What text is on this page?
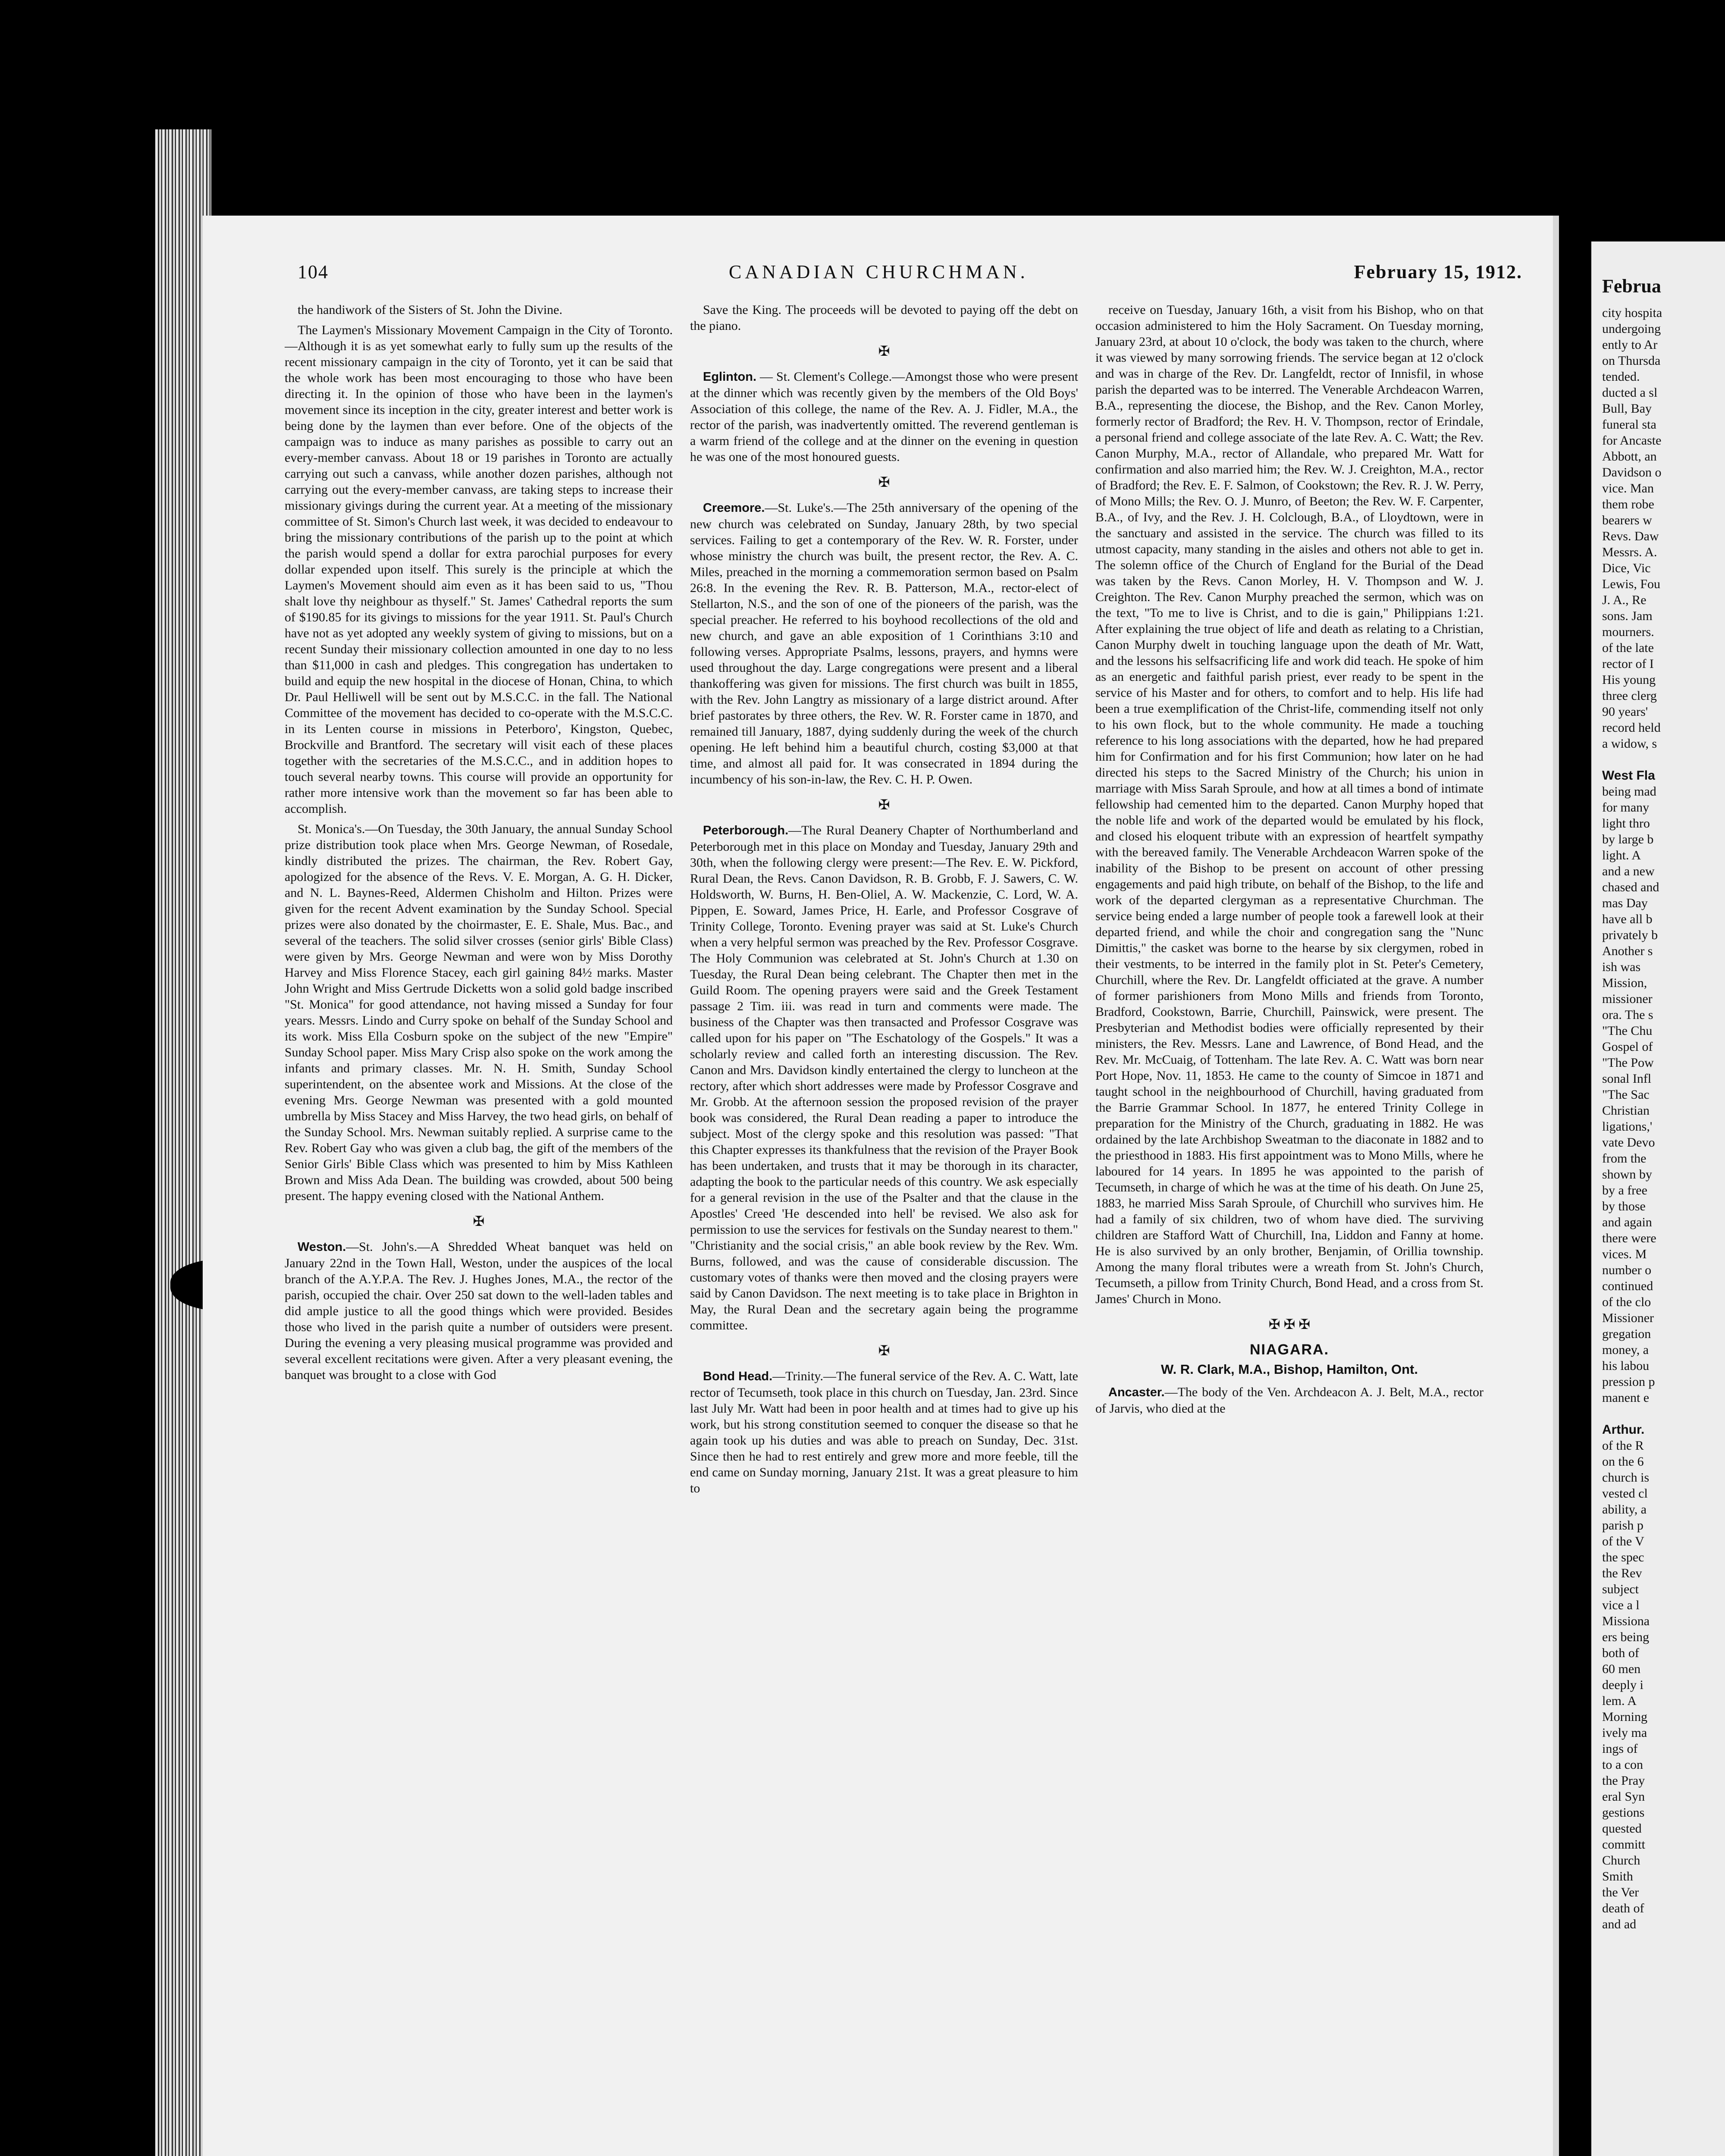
104	CANADIAN CHURCHMAN.	February 15, 1912.

the handiwork of the Sisters of St. John the Divine.

The Laymen's Missionary Movement Campaign in the City of Toronto.—Although it is as yet somewhat early to fully sum up the results of the recent missionary campaign in the city of Toronto, yet it can be said that the whole work has been most encouraging to those who have been directing it. In the opinion of those who have been in the laymen's movement since its inception in the city, greater interest and better work is being done by the laymen than ever before. One of the objects of the campaign was to induce as many parishes as possible to carry out an every-member canvass. About 18 or 19 parishes in Toronto are actually carrying out such a canvass, while another dozen parishes, although not carrying out the every-member canvass, are taking steps to increase their missionary givings during the current year. At a meeting of the missionary committee of St. Simon's Church last week, it was decided to endeavour to bring the missionary contributions of the parish up to the point at which the parish would spend a dollar for extra parochial purposes for every dollar expended upon itself. This surely is the principle at which the Laymen's Movement should aim even as it has been said to us, "Thou shalt love thy neighbour as thyself." St. James' Cathedral reports the sum of $190.85 for its givings to missions for the year 1911. St. Paul's Church have not as yet adopted any weekly system of giving to missions, but on a recent Sunday their missionary collection amounted in one day to no less than $11,000 in cash and pledges. This congregation has undertaken to build and equip the new hospital in the diocese of Honan, China, to which Dr. Paul Helliwell will be sent out by M.S.C.C. in the fall. The National Committee of the movement has decided to co-operate with the M.S.C.C. in its Lenten course in missions in Peterboro', Kingston, Quebec, Brockville and Brantford. The secretary will visit each of these places together with the secretaries of the M.S.C.C., and in addition hopes to touch several nearby towns. This course will provide an opportunity for rather more intensive work than the movement so far has been able to accomplish.

St. Monica's.—On Tuesday, the 30th January, the annual Sunday School prize distribution took place when Mrs. George Newman, of Rosedale, kindly distributed the prizes. The chairman, the Rev. Robert Gay, apologized for the absence of the Revs. V. E. Morgan, A. G. H. Dicker, and N. L. Baynes-Reed, Aldermen Chisholm and Hilton. Prizes were given for the recent Advent examination by the Sunday School. Special prizes were also donated by the choirmaster, E. E. Shale, Mus. Bac., and several of the teachers. The solid silver crosses (senior girls' Bible Class) were given by Mrs. George Newman and were won by Miss Dorothy Harvey and Miss Florence Stacey, each girl gaining 84½ marks. Master John Wright and Miss Gertrude Dicketts won a solid gold badge inscribed "St. Monica" for good attendance, not having missed a Sunday for four years. Messrs. Lindo and Curry spoke on behalf of the Sunday School and its work. Miss Ella Cosburn spoke on the subject of the new "Empire" Sunday School paper. Miss Mary Crisp also spoke on the work among the infants and primary classes. Mr. N. H. Smith, Sunday School superintendent, on the absentee work and Missions. At the close of the evening Mrs. George Newman was presented with a gold mounted umbrella by Miss Stacey and Miss Harvey, the two head girls, on behalf of the Sunday School. Mrs. Newman suitably replied. A surprise came to the Rev. Robert Gay who was given a club bag, the gift of the members of the Senior Girls' Bible Class which was presented to him by Miss Kathleen Brown and Miss Ada Dean. The building was crowded, about 500 being present. The happy evening closed with the National Anthem.

✠

Weston.—St. John's.—A Shredded Wheat banquet was held on January 22nd in the Town Hall, Weston, under the auspices of the local branch of the A.Y.P.A. The Rev. J. Hughes Jones, M.A., the rector of the parish, occupied the chair. Over 250 sat down to the well-laden tables and did ample justice to all the good things which were provided. Besides those who lived in the parish quite a number of outsiders were present. During the evening a very pleasing musical programme was provided and several excellent recitations were given. After a very pleasant evening, the banquet was brought to a close with God

Save the King. The proceeds will be devoted to paying off the debt on the piano.

✠

Eglinton. — St. Clement's College.—Amongst those who were present at the dinner which was recently given by the members of the Old Boys' Association of this college, the name of the Rev. A. J. Fidler, M.A., the rector of the parish, was inadvertently omitted. The reverend gentleman is a warm friend of the college and at the dinner on the evening in question he was one of the most honoured guests.

✠

Creemore.—St. Luke's.—The 25th anniversary of the opening of the new church was celebrated on Sunday, January 28th, by two special services. Failing to get a contemporary of the Rev. W. R. Forster, under whose ministry the church was built, the present rector, the Rev. A. C. Miles, preached in the morning a commemoration sermon based on Psalm 26:8. In the evening the Rev. R. B. Patterson, M.A., rector-elect of Stellarton, N.S., and the son of one of the pioneers of the parish, was the special preacher. He referred to his boyhood recollections of the old and new church, and gave an able exposition of 1 Corinthians 3:10 and following verses. Appropriate Psalms, lessons, prayers, and hymns were used throughout the day. Large congregations were present and a liberal thankoffering was given for missions. The first church was built in 1855, with the Rev. John Langtry as missionary of a large district around. After brief pastorates by three others, the Rev. W. R. Forster came in 1870, and remained till January, 1887, dying suddenly during the week of the church opening. He left behind him a beautiful church, costing $3,000 at that time, and almost all paid for. It was consecrated in 1894 during the incumbency of his son-in-law, the Rev. C. H. P. Owen.

✠

Peterborough.—The Rural Deanery Chapter of Northumberland and Peterborough met in this place on Monday and Tuesday, January 29th and 30th, when the following clergy were present:—The Rev. E. W. Pickford, Rural Dean, the Revs. Canon Davidson, R. B. Grobb, F. J. Sawers, C. W. Holdsworth, W. Burns, H. Ben-Oliel, A. W. Mackenzie, C. Lord, W. A. Pippen, E. Soward, James Price, H. Earle, and Professor Cosgrave of Trinity College, Toronto. Evening prayer was said at St. Luke's Church when a very helpful sermon was preached by the Rev. Professor Cosgrave. The Holy Communion was celebrated at St. John's Church at 1.30 on Tuesday, the Rural Dean being celebrant. The Chapter then met in the Guild Room. The opening prayers were said and the Greek Testament passage 2 Tim. iii. was read in turn and comments were made. The business of the Chapter was then transacted and Professor Cosgrave was called upon for his paper on "The Eschatology of the Gospels." It was a scholarly review and called forth an interesting discussion. The Rev. Canon and Mrs. Davidson kindly entertained the clergy to luncheon at the rectory, after which short addresses were made by Professor Cosgrave and Mr. Grobb. At the afternoon session the proposed revision of the prayer book was considered, the Rural Dean reading a paper to introduce the subject. Most of the clergy spoke and this resolution was passed: "That this Chapter expresses its thankfulness that the revision of the Prayer Book has been undertaken, and trusts that it may be thorough in its character, adapting the book to the particular needs of this country. We ask especially for a general revision in the use of the Psalter and that the clause in the Apostles' Creed 'He descended into hell' be revised. We also ask for permission to use the services for festivals on the Sunday nearest to them." "Christianity and the social crisis," an able book review by the Rev. Wm. Burns, followed, and was the cause of considerable discussion. The customary votes of thanks were then moved and the closing prayers were said by Canon Davidson. The next meeting is to take place in Brighton in May, the Rural Dean and the secretary again being the programme committee.

✠

Bond Head.—Trinity.—The funeral service of the Rev. A. C. Watt, late rector of Tecumseth, took place in this church on Tuesday, Jan. 23rd. Since last July Mr. Watt had been in poor health and at times had to give up his work, but his strong constitution seemed to conquer the disease so that he again took up his duties and was able to preach on Sunday, Dec. 31st. Since then he had to rest entirely and grew more and more feeble, till the end came on Sunday morning, January 21st. It was a great pleasure to him to

receive on Tuesday, January 16th, a visit from his Bishop, who on that occasion administered to him the Holy Sacrament. On Tuesday morning, January 23rd, at about 10 o'clock, the body was taken to the church, where it was viewed by many sorrowing friends. The service began at 12 o'clock and was in charge of the Rev. Dr. Langfeldt, rector of Innisfil, in whose parish the departed was to be interred. The Venerable Archdeacon Warren, B.A., representing the diocese, the Bishop, and the Rev. Canon Morley, formerly rector of Bradford; the Rev. H. V. Thompson, rector of Erindale, a personal friend and college associate of the late Rev. A. C. Watt; the Rev. Canon Murphy, M.A., rector of Allandale, who prepared Mr. Watt for confirmation and also married him; the Rev. W. J. Creighton, M.A., rector of Bradford; the Rev. E. F. Salmon, of Cookstown; the Rev. R. J. W. Perry, of Mono Mills; the Rev. O. J. Munro, of Beeton; the Rev. W. F. Carpenter, B.A., of Ivy, and the Rev. J. H. Colclough, B.A., of Lloydtown, were in the sanctuary and assisted in the service. The church was filled to its utmost capacity, many standing in the aisles and others not able to get in. The solemn office of the Church of England for the Burial of the Dead was taken by the Revs. Canon Morley, H. V. Thompson and W. J. Creighton. The Rev. Canon Murphy preached the sermon, which was on the text, "To me to live is Christ, and to die is gain," Philippians 1:21. After explaining the true object of life and death as relating to a Christian, Canon Murphy dwelt in touching language upon the death of Mr. Watt, and the lessons his selfsacrificing life and work did teach. He spoke of him as an energetic and faithful parish priest, ever ready to be spent in the service of his Master and for others, to comfort and to help. His life had been a true exemplification of the Christ-life, commending itself not only to his own flock, but to the whole community. He made a touching reference to his long associations with the departed, how he had prepared him for Confirmation and for his first Communion; how later on he had directed his steps to the Sacred Ministry of the Church; his union in marriage with Miss Sarah Sproule, and how at all times a bond of intimate fellowship had cemented him to the departed. Canon Murphy hoped that the noble life and work of the departed would be emulated by his flock, and closed his eloquent tribute with an expression of heartfelt sympathy with the bereaved family. The Venerable Archdeacon Warren spoke of the inability of the Bishop to be present on account of other pressing engagements and paid high tribute, on behalf of the Bishop, to the life and work of the departed clergyman as a representative Churchman. The service being ended a large number of people took a farewell look at their departed friend, and while the choir and congregation sang the "Nunc Dimittis," the casket was borne to the hearse by six clergymen, robed in their vestments, to be interred in the family plot in St. Peter's Cemetery, Churchill, where the Rev. Dr. Langfeldt officiated at the grave. A number of former parishioners from Mono Mills and friends from Toronto, Bradford, Cookstown, Barrie, Churchill, Painswick, were present. The Presbyterian and Methodist bodies were officially represented by their ministers, the Rev. Messrs. Lane and Lawrence, of Bond Head, and the Rev. Mr. McCuaig, of Tottenham. The late Rev. A. C. Watt was born near Port Hope, Nov. 11, 1853. He came to the county of Simcoe in 1871 and taught school in the neighbourhood of Churchill, having graduated from the Barrie Grammar School. In 1877, he entered Trinity College in preparation for the Ministry of the Church, graduating in 1882. He was ordained by the late Archbishop Sweatman to the diaconate in 1882 and to the priesthood in 1883. His first appointment was to Mono Mills, where he laboured for 14 years. In 1895 he was appointed to the parish of Tecumseth, in charge of which he was at the time of his death. On June 25, 1883, he married Miss Sarah Sproule, of Churchill who survives him. He had a family of six children, two of whom have died. The surviving children are Stafford Watt of Churchill, Ina, Liddon and Fanny at home. He is also survived by an only brother, Benjamin, of Orillia township. Among the many floral tributes were a wreath from St. John's Church, Tecumseth, a pillow from Trinity Church, Bond Head, and a cross from St. James' Church in Mono.

✠ ✠ ✠

NIAGARA.

W. R. Clark, M.A., Bishop, Hamilton, Ont.

Ancaster.—The body of the Ven. Archdeacon A. J. Belt, M.A., rector of Jarvis, who died at the

Februa
city hospita
undergoing
ently to Ar
on Thursda
tended.
ducted a sl
Bull, Bay
funeral sta
for Ancaste
Abbott, an
Davidson o
vice. Man
them robe
bearers w
Revs. Daw
Messrs. A.
Dice, Vic
Lewis, Fou
J. A., Re
sons. Jam
mourners.
of the late
rector of I
His young
three clerg
90 years'
record held
a widow, s

West Fla
being mad
for many
light thro
by large b
light. A
and a new
chased and
mas Day
have all b
privately b
Another s
ish was
Mission,
missioner
ora. The s
"The Chu
Gospel of
"The Pow
sonal Infl
"The Sac
Christian
ligations,'
vate Devo
from the
shown by
by a free
by those
and again
there were
vices. M
number o
continued
of the clo
Missioner
gregation
money, a
his labou
pression p
manent e

Arthur.
of the R
on the 6
church is
vested cl
ability, a
parish p
of the V
the spec
the Rev
subject
vice a l
Missiona
ers being
both of
60 men
deeply i
lem. A
Morning
ively ma
ings of
to a con
the Pray
eral Syn
gestions
quested
committ
Church
Smith
the Ver
death of
and ad
